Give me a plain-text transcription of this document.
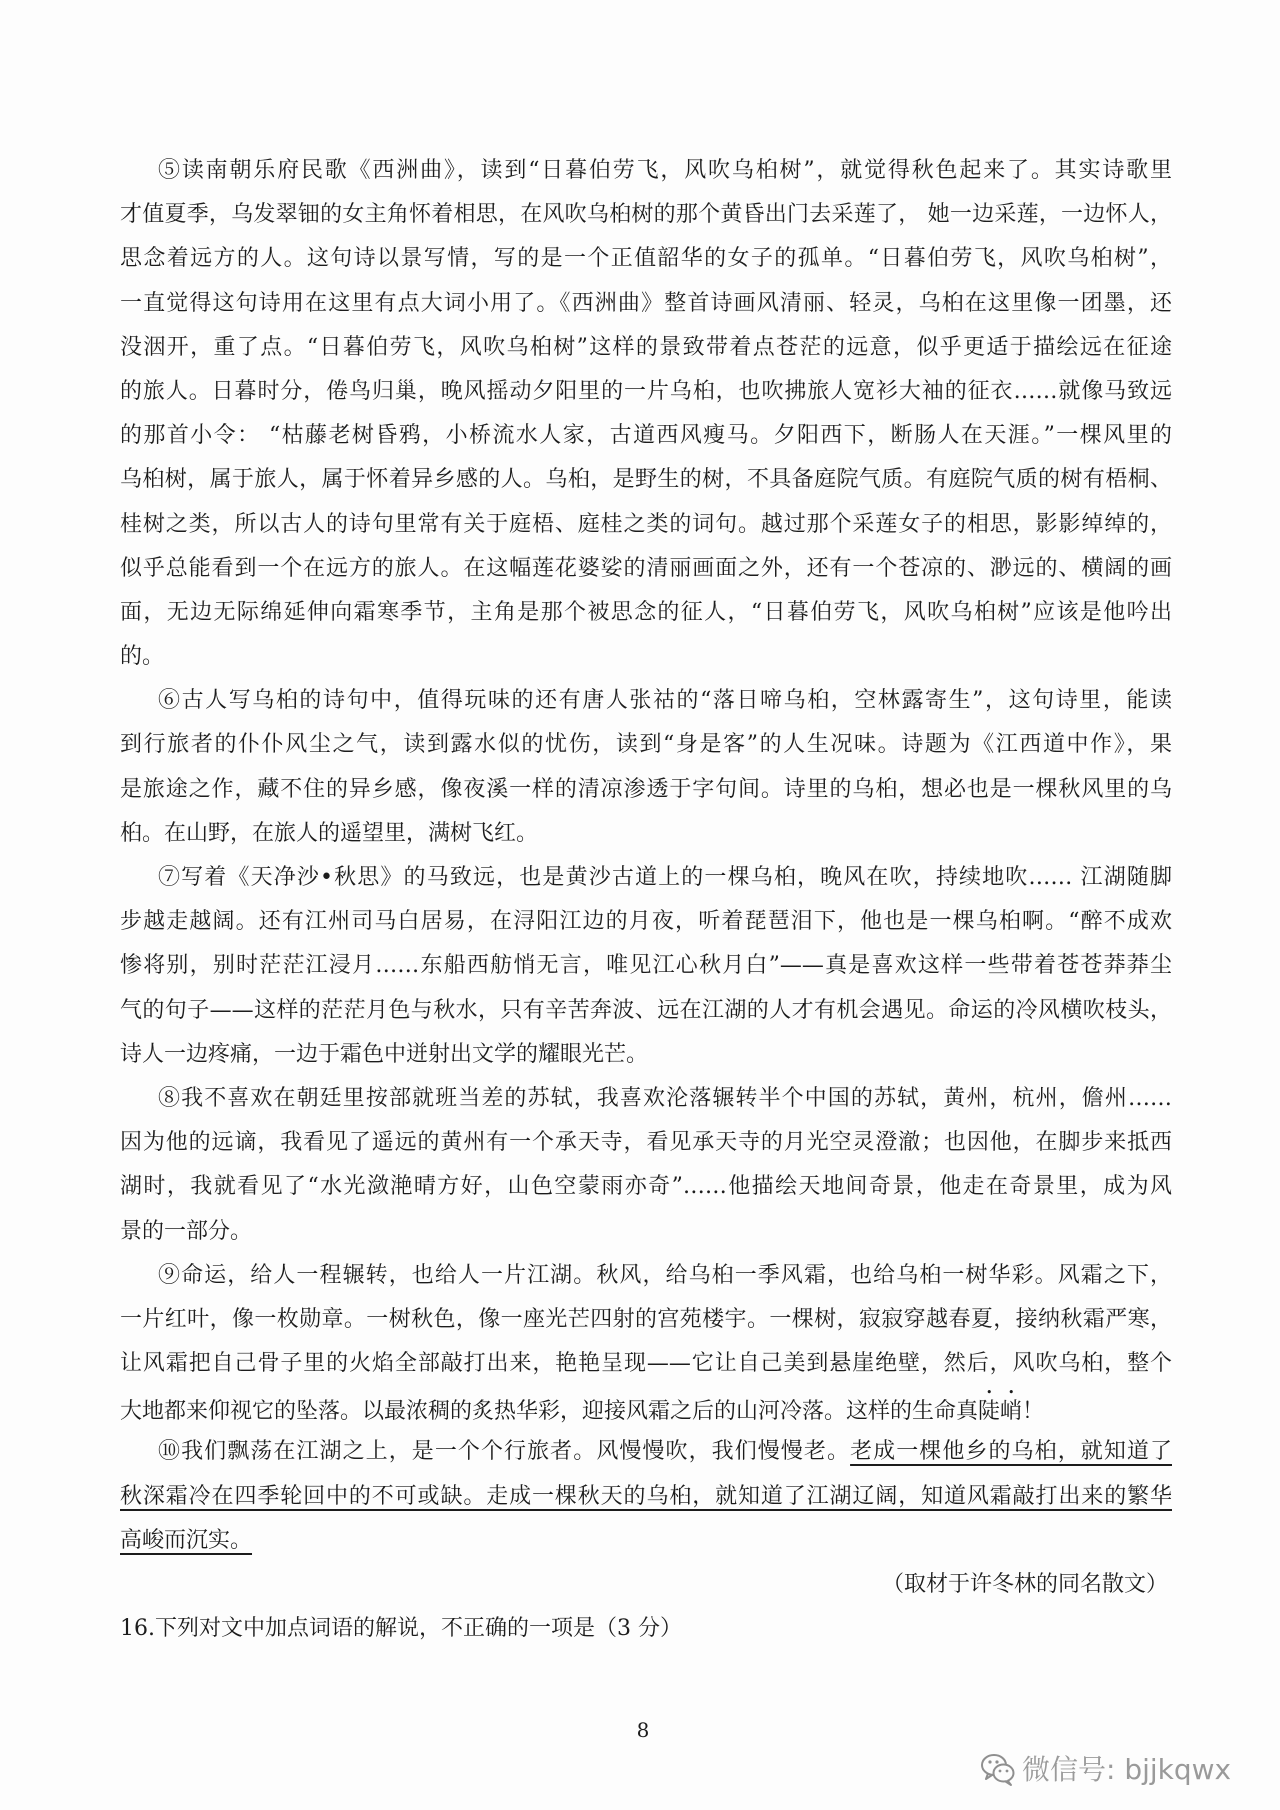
⑤读南朝乐府民歌《西洲曲》，读到“日暮伯劳飞，风吹乌桕树”，就觉得秋色起来了。其实诗歌里
才值夏季，乌发翠钿的女主角怀着相思，在风吹乌桕树的那个黄昏出门去采莲了， 她一边采莲，一边怀人，
思念着远方的人。这句诗以景写情，写的是一个正值韶华的女子的孤单。“日暮伯劳飞，风吹乌桕树”，
一直觉得这句诗用在这里有点大词小用了。《西洲曲》整首诗画风清丽、轻灵，乌桕在这里像一团墨，还
没洇开，重了点。“日暮伯劳飞，风吹乌桕树”这样的景致带着点苍茫的远意，似乎更适于描绘远在征途
的旅人。日暮时分，倦鸟归巢，晚风摇动夕阳里的一片乌桕，也吹拂旅人宽衫大袖的征衣……就像马致远
的那首小令： “枯藤老树昏鸦，小桥流水人家，古道西风瘦马。夕阳西下，断肠人在天涯。”一棵风里的
乌桕树，属于旅人，属于怀着异乡感的人。乌桕，是野生的树，不具备庭院气质。有庭院气质的树有梧桐、
桂树之类，所以古人的诗句里常有关于庭梧、庭桂之类的词句。越过那个采莲女子的相思，影影绰绰的，
似乎总能看到一个在远方的旅人。在这幅莲花婆娑的清丽画面之外，还有一个苍凉的、渺远的、横阔的画
面，无边无际绵延伸向霜寒季节，主角是那个被思念的征人，“日暮伯劳飞，风吹乌桕树”应该是他吟出
的。
⑥古人写乌桕的诗句中，值得玩味的还有唐人张祜的“落日啼乌桕，空林露寄生”，这句诗里，能读
到行旅者的仆仆风尘之气，读到露水似的忧伤，读到“身是客”的人生况味。诗题为《江西道中作》，果
是旅途之作，藏不住的异乡感，像夜溪一样的清凉渗透于字句间。诗里的乌桕，想必也是一棵秋风里的乌
桕。在山野，在旅人的遥望里，满树飞红。
⑦写着《天净沙•秋思》的马致远，也是黄沙古道上的一棵乌桕，晚风在吹，持续地吹…… 江湖随脚
步越走越阔。还有江州司马白居易，在浔阳江边的月夜，听着琵琶泪下，他也是一棵乌桕啊。“醉不成欢
惨将别，别时茫茫江浸月……东船西舫悄无言，唯见江心秋月白”——真是喜欢这样一些带着苍苍莽莽尘
气的句子——这样的茫茫月色与秋水，只有辛苦奔波、远在江湖的人才有机会遇见。命运的冷风横吹枝头，
诗人一边疼痛，一边于霜色中迸射出文学的耀眼光芒。
⑧我不喜欢在朝廷里按部就班当差的苏轼，我喜欢沦落辗转半个中国的苏轼，黄州，杭州，儋州……
因为他的远谪，我看见了遥远的黄州有一个承天寺，看见承天寺的月光空灵澄澈；也因他，在脚步来抵西
湖时，我就看见了“水光潋滟晴方好，山色空蒙雨亦奇”……他描绘天地间奇景，他走在奇景里，成为风
景的一部分。
⑨命运，给人一程辗转，也给人一片江湖。秋风，给乌桕一季风霜，也给乌桕一树华彩。风霜之下，
一片红叶，像一枚勋章。一树秋色，像一座光芒四射的宫苑楼宇。一棵树，寂寂穿越春夏，接纳秋霜严寒，
让风霜把自己骨子里的火焰全部敲打出来，艳艳呈现——它让自己美到悬崖绝壁，然后，风吹乌桕，整个
大地都来仰视它的坠落。以最浓稠的炙热华彩，迎接风霜之后的山河冷落。这样的生命真陡峭！
⑩我们飘荡在江湖之上，是一个个行旅者。风慢慢吹，我们慢慢老。老成一棵他乡的乌桕，就知道了
秋深霜冷在四季轮回中的不可或缺。走成一棵秋天的乌桕，就知道了江湖辽阔，知道风霜敲打出来的繁华
高峻而沉实。
（取材于许冬林的同名散文）
16.下列对文中加点词语的解说，不正确的一项是（3 分）
8
微信号: bjjkqwx
